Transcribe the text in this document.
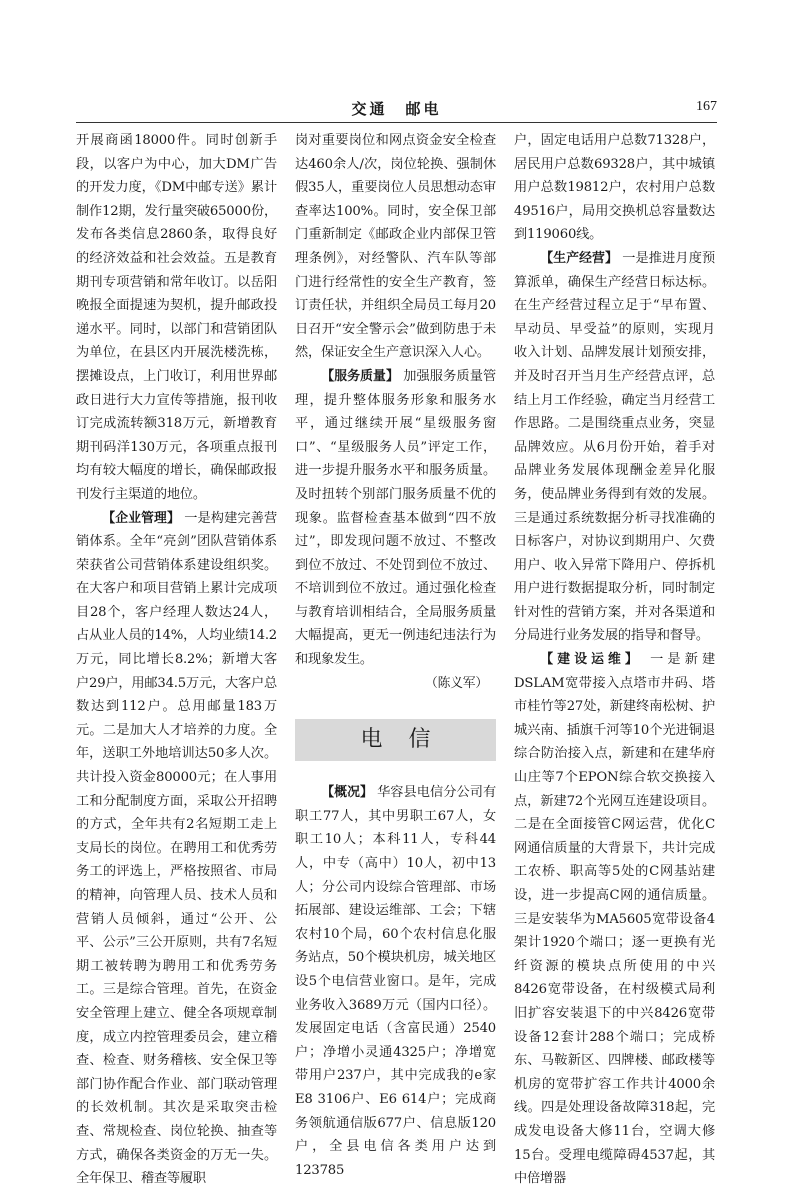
交通　邮电	167

开展商函18000件。同时创新手段，以客户为中心，加大DM广告的开发力度，《DM中邮专送》累计制作12期，发行量突破65000份，发布各类信息2860条，取得良好的经济效益和社会效益。五是教育期刊专项营销和常年收订。以岳阳晚报全面提速为契机，提升邮政投递水平。同时，以部门和营销团队为单位，在县区内开展洗楼洗栋，摆摊设点，上门收订，利用世界邮政日进行大力宣传等措施，报刊收订完成流转额318万元，新增教育期刊码洋130万元，各项重点报刊均有较大幅度的增长，确保邮政报刊发行主渠道的地位。

【企业管理】 一是构建完善营销体系。全年“亮剑”团队营销体系荣获省公司营销体系建设组织奖。在大客户和项目营销上累计完成项目28个，客户经理人数达24人，占从业人员的14%，人均业绩14.2万元，同比增长8.2%；新增大客户29户，用邮34.5万元，大客户总数达到112户。总用邮量183万元。二是加大人才培养的力度。全年，送职工外地培训达50多人次。共计投入资金80000元；在人事用工和分配制度方面，采取公开招聘的方式，全年共有2名短期工走上支局长的岗位。在聘用工和优秀劳务工的评选上，严格按照省、市局的精神，向管理人员、技术人员和营销人员倾斜，通过“公开、公平、公示”三公开原则，共有7名短期工被转聘为聘用工和优秀劳务工。三是综合管理。首先，在资金安全管理上建立、健全各项规章制度，成立内控管理委员会，建立稽查、检查、财务稽核、安全保卫等部门协作配合作业、部门联动管理的长效机制。其次是采取突击检查、常规检查、岗位轮换、抽查等方式，确保各类资金的万无一失。全年保卫、稽查等履职

岗对重要岗位和网点资金安全检查达460余人/次，岗位轮换、强制休假35人，重要岗位人员思想动态审查率达100%。同时，安全保卫部门重新制定《邮政企业内部保卫管理条例》，对经警队、汽车队等部门进行经常性的安全生产教育，签订责任状，并组织全局员工每月20日召开“安全警示会”做到防患于未然，保证安全生产意识深入人心。

【服务质量】 加强服务质量管理，提升整体服务形象和服务水平，通过继续开展“星级服务窗口”、“星级服务人员”评定工作，进一步提升服务水平和服务质量。及时扭转个别部门服务质量不优的现象。监督检查基本做到“四不放过”，即发现问题不放过、不整改到位不放过、不处罚到位不放过、不培训到位不放过。通过强化检查与教育培训相结合，全局服务质量大幅提高，更无一例违纪违法行为和现象发生。

（陈义军）

电信

【概况】 华容县电信分公司有职工77人，其中男职工67人，女职工10人；本科11人，专科44人，中专（高中）10人，初中13人；分公司内设综合管理部、市场拓展部、建设运维部、工会；下辖农村10个局，60个农村信息化服务站点，50个模块机房，城关地区设5个电信营业窗口。是年，完成业务收入3689万元（国内口径）。发展固定电话（含富民通）2540户；净增小灵通4325户；净增宽带用户237户，其中完成我的e家E8 3106户、E6 614户；完成商务领航通信版677户、信息版120户，全县电信各类用户达到123785

户，固定电话用户总数71328户，居民用户总数69328户，其中城镇用户总数19812户，农村用户总数49516户，局用交换机总容量数达到119060线。

【生产经营】 一是推进月度预算派单，确保生产经营日标达标。在生产经营过程立足于“早布置、早动员、早受益”的原则，实现月收入计划、品牌发展计划预安排，并及时召开当月生产经营点评，总结上月工作经验，确定当月经营工作思路。二是围绕重点业务，突显品牌效应。从6月份开始，着手对品牌业务发展体现酬金差异化服务，使品牌业务得到有效的发展。三是通过系统数据分析寻找准确的日标客户，对协议到期用户、欠费用户、收入异常下降用户、停拆机用户进行数据提取分析，同时制定针对性的营销方案，并对各渠道和分局进行业务发展的指导和督导。

【建设运维】 一是新建DSLAM宽带接入点塔市井码、塔市桂竹等27处，新建终南松树、护城兴南、插旗千河等10个光进铜退综合防治接入点，新建和在建华府山庄等7个EPON综合软交换接入点，新建72个光网互连建设项目。二是在全面接管C网运营，优化C网通信质量的大背景下，共计完成工农桥、职高等5处的C网基站建设，进一步提高C网的通信质量。三是安装华为MA5605宽带设备4架计1920个端口；逐一更换有光纤资源的模块点所使用的中兴8426宽带设备，在村级模式局利旧扩容安装退下的中兴8426宽带设备12套计288个端口；完成桥东、马鞍新区、四牌楼、邮政楼等机房的宽带扩容工作共计4000余线。四是处理设备故障318起，完成发电设备大修11台，空调大修15台。受理电缆障碍4537起，其中倍增器
